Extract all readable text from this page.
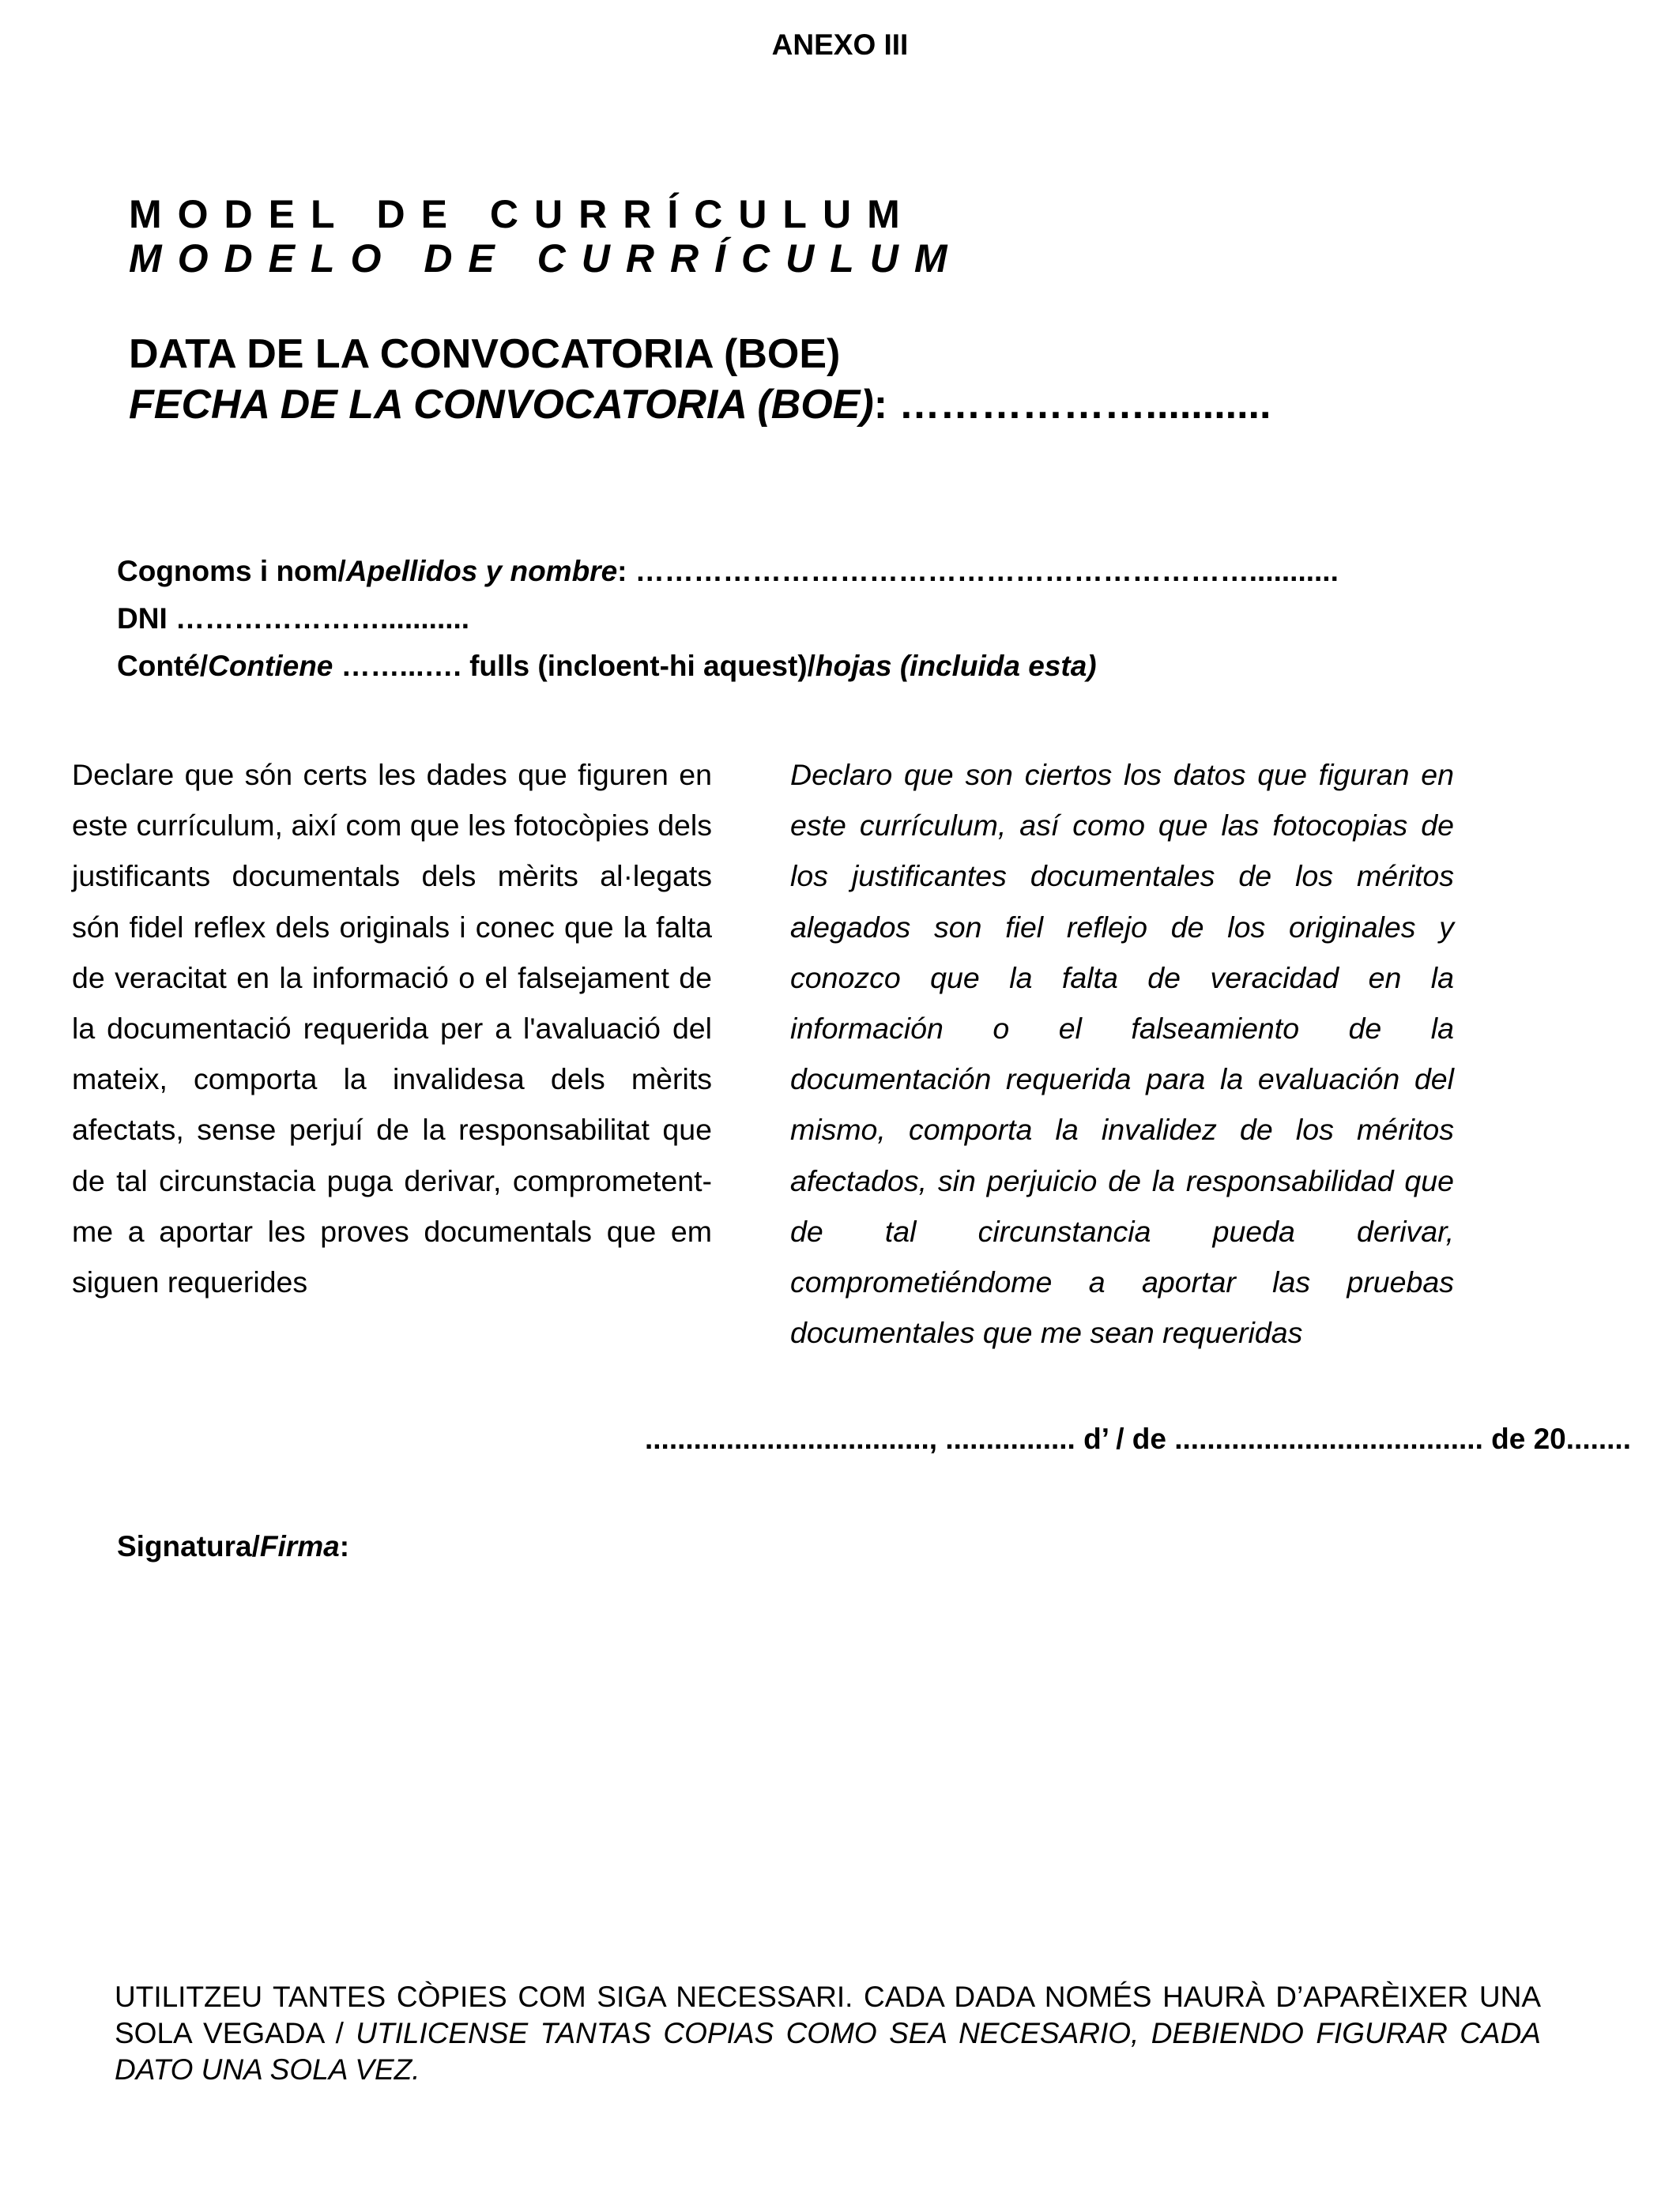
ANEXO III
MODEL DE CURRÍCULUM
MODELO DE CURRÍCULUM
DATA DE LA CONVOCATORIA (BOE)
FECHA DE LA CONVOCATORIA (BOE): ………………...........
Cognoms i nom/Apellidos y nombre: ………………………………………………………...........
DNI …………………...........
Conté/Contiene ……...…. fulls (incloent-hi aquest)/hojas (incluida esta)
Declare que són certs les dades que figuren en este currículum, així com que les fotocòpies dels justificants documentals dels mèrits al·legats són fidel reflex dels originals i conec que la falta de veracitat en la informació o el falsejament de la documentació requerida per a l'avaluació del mateix, comporta la invalidesa dels mèrits afectats, sense perjuí de la responsabilitat que de tal circunstacia puga derivar, comprometent-me a aportar les proves documentals que em siguen requerides
Declaro que son ciertos los datos que figuran en este currículum, así como que las fotocopias de los justificantes documentales de los méritos alegados son fiel reflejo de los originales y conozco que la falta de veracidad en la información o el falseamiento de la documentación requerida para la evaluación del mismo, comporta la invalidez de los méritos afectados, sin perjuicio de la responsabilidad que de tal circunstancia pueda derivar, comprometiéndome a aportar las pruebas documentales que me sean requeridas
..................................., ................ d’ / de ...................................... de 20........
Signatura/Firma:
UTILITZEU TANTES CÒPIES COM SIGA NECESSARI. CADA DADA NOMÉS HAURÀ D’APARÈIXER UNA SOLA VEGADA / UTILICENSE TANTAS COPIAS COMO SEA NECESARIO, DEBIENDO FIGURAR CADA DATO UNA SOLA VEZ.
